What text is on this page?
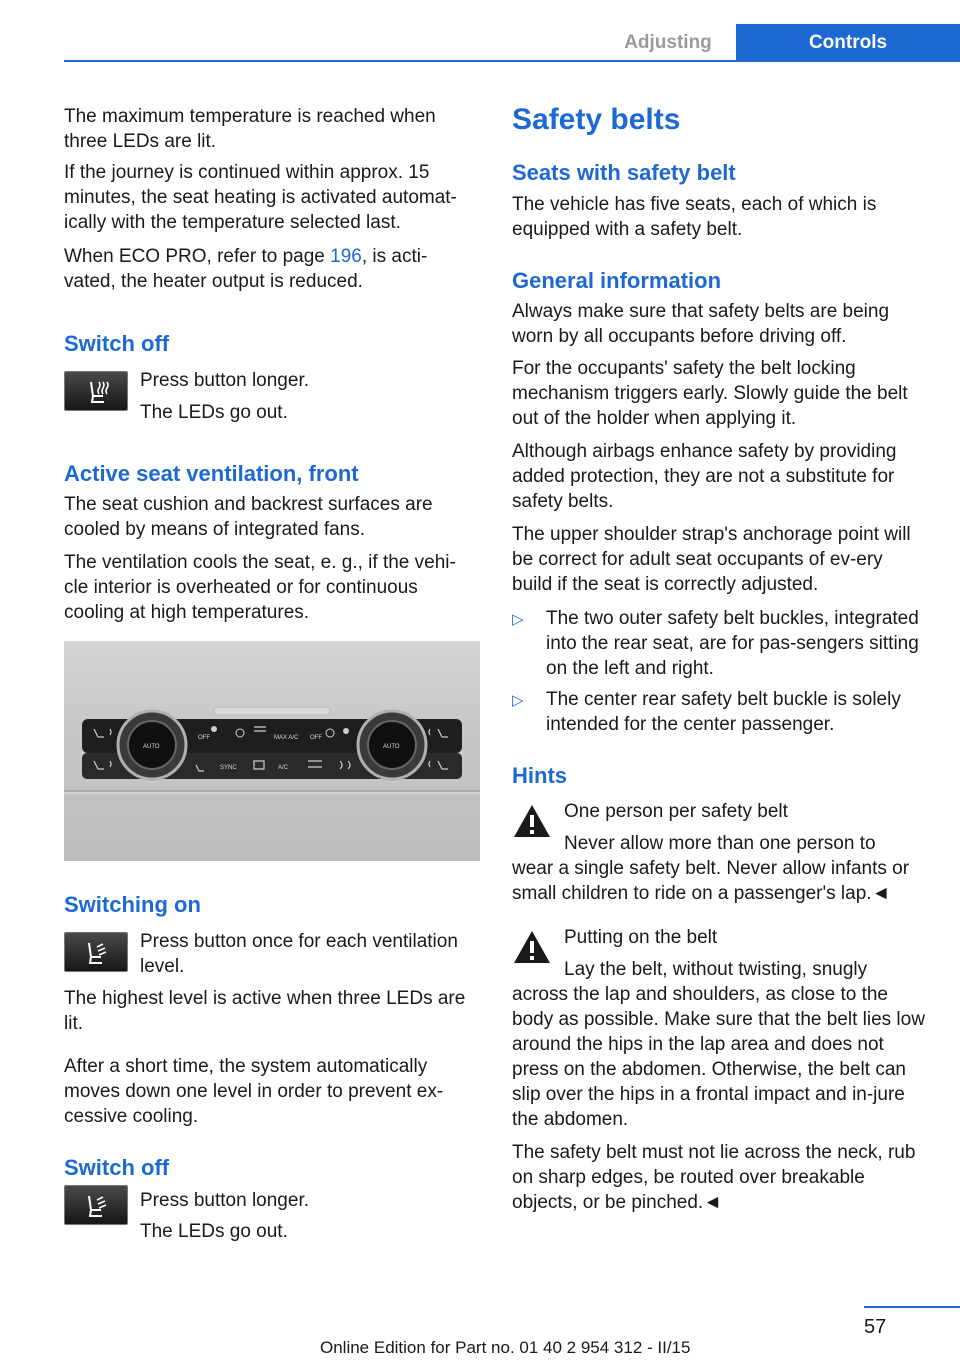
Adjusting	Controls

The maximum temperature is reached when three LEDs are lit.

If the journey is continued within approx. 15 minutes, the seat heating is activated automat‐ically with the temperature selected last.

When ECO PRO, refer to page 196, is acti‐vated, the heater output is reduced.

Switch off

Press button longer.

The LEDs go out.

Active seat ventilation, front

The seat cushion and backrest surfaces are cooled by means of integrated fans.

The ventilation cools the seat, e. g., if the vehi‐cle interior is overheated or for continuous cooling at high temperatures.

AUTO
OFF	MAX A/C OFF
AUTO
SYNC	A/C

Switching on

Press button once for each ventilation level.

The highest level is active when three LEDs are lit.

After a short time, the system automatically moves down one level in order to prevent ex‐cessive cooling.

Switch off

Press button longer.

The LEDs go out.

Safety belts

Seats with safety belt

The vehicle has five seats, each of which is equipped with a safety belt.

General information

Always make sure that safety belts are being worn by all occupants before driving off.

For the occupants' safety the belt locking mechanism triggers early. Slowly guide the belt out of the holder when applying it.

Although airbags enhance safety by providing added protection, they are not a substitute for safety belts.

The upper shoulder strap's anchorage point will be correct for adult seat occupants of ev‐ery build if the seat is correctly adjusted.

▷ The two outer safety belt buckles, integrated into the rear seat, are for pas‐sengers sitting on the left and right.

▷ The center rear safety belt buckle is solely intended for the center passenger.

Hints

One person per safety belt

Never allow more than one person to

wear a single safety belt. Never allow infants or small children to ride on a passenger's lap.◄

Putting on the belt

Lay the belt, without twisting, snugly

across the lap and shoulders, as close to the body as possible. Make sure that the belt lies low around the hips in the lap area and does not press on the abdomen. Otherwise, the belt can slip over the hips in a frontal impact and in‐jure the abdomen.

The safety belt must not lie across the neck, rub on sharp edges, be routed over breakable objects, or be pinched.◄

57
Online Edition for Part no. 01 40 2 954 312 - II/15
